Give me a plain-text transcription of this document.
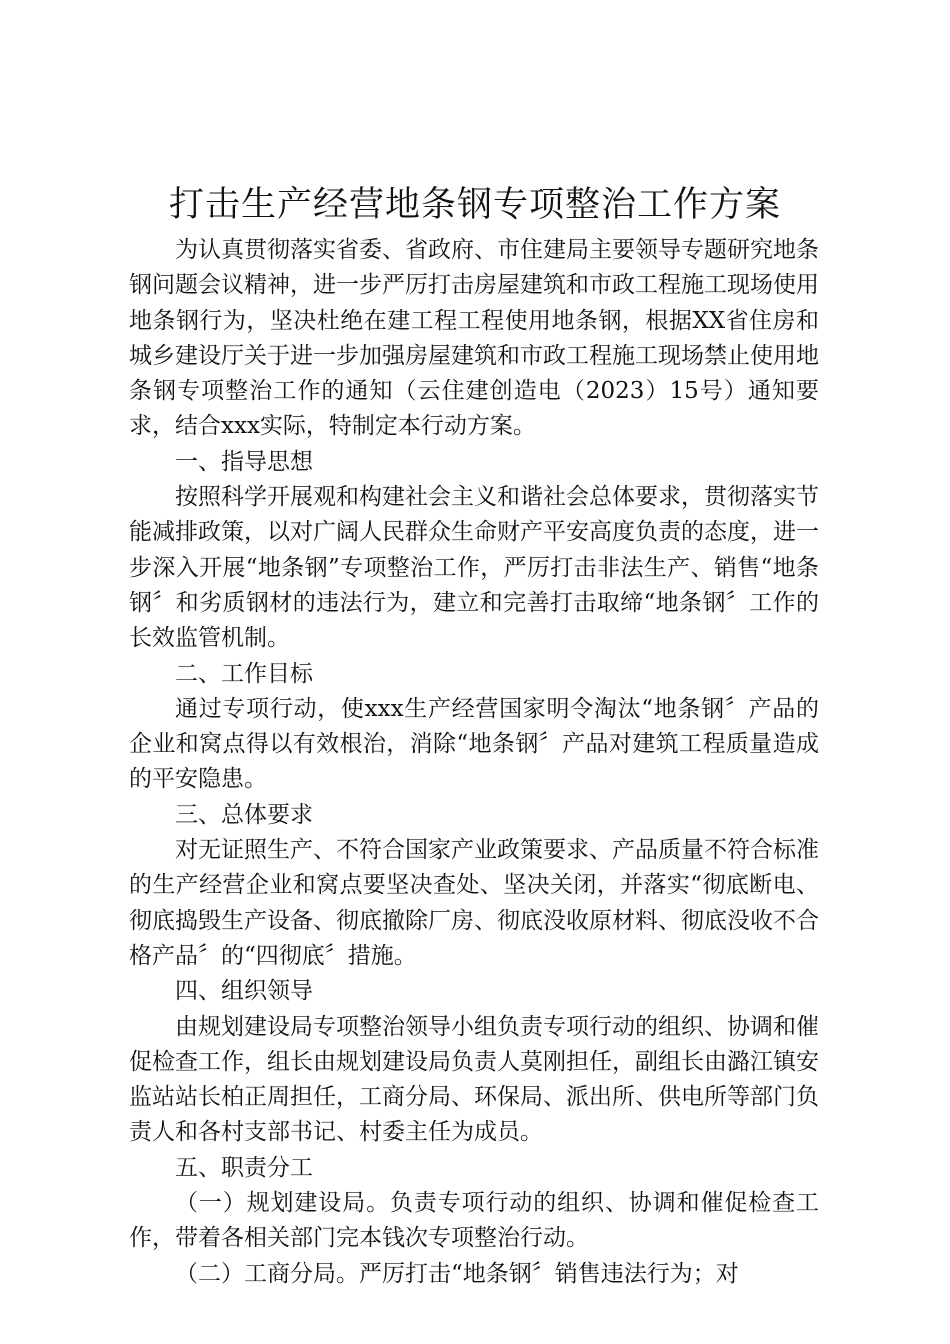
打击生产经营地条钢专项整治工作方案

为认真贯彻落实省委、省政府、市住建局主要领导专题研究地条钢问题会议精神，进一步严厉打击房屋建筑和市政工程施工现场使用地条钢行为，坚决杜绝在建工程工程使用地条钢，根据XX省住房和城乡建设厅关于进一步加强房屋建筑和市政工程施工现场禁止使用地条钢专项整治工作的通知（云住建创造电（2023）15号）通知要求，结合xxx实际，特制定本行动方案。

一、指导思想

按照科学开展观和构建社会主义和谐社会总体要求，贯彻落实节能减排政策，以对广阔人民群众生命财产平安高度负责的态度，进一步深入开展“地条钢”专项整治工作，严厉打击非法生产、销售“地条钢〞和劣质钢材的违法行为，建立和完善打击取缔“地条钢〞工作的长效监管机制。

二、工作目标

通过专项行动，使xxx生产经营国家明令淘汰“地条钢〞产品的企业和窝点得以有效根治，消除“地条钢〞产品对建筑工程质量造成的平安隐患。

三、总体要求

对无证照生产、不符合国家产业政策要求、产品质量不符合标准的生产经营企业和窝点要坚决查处、坚决关闭，并落实“彻底断电、彻底捣毁生产设备、彻底撤除厂房、彻底没收原材料、彻底没收不合格产品〞的“四彻底〞措施。

四、组织领导

由规划建设局专项整治领导小组负责专项行动的组织、协调和催促检查工作，组长由规划建设局负责人莫刚担任，副组长由潞江镇安监站站长柏正周担任，工商分局、环保局、派出所、供电所等部门负责人和各村支部书记、村委主任为成员。

五、职责分工

（一）规划建设局。负责专项行动的组织、协调和催促检查工作，带着各相关部门完本钱次专项整治行动。

（二）工商分局。严厉打击“地条钢〞销售违法行为；对
